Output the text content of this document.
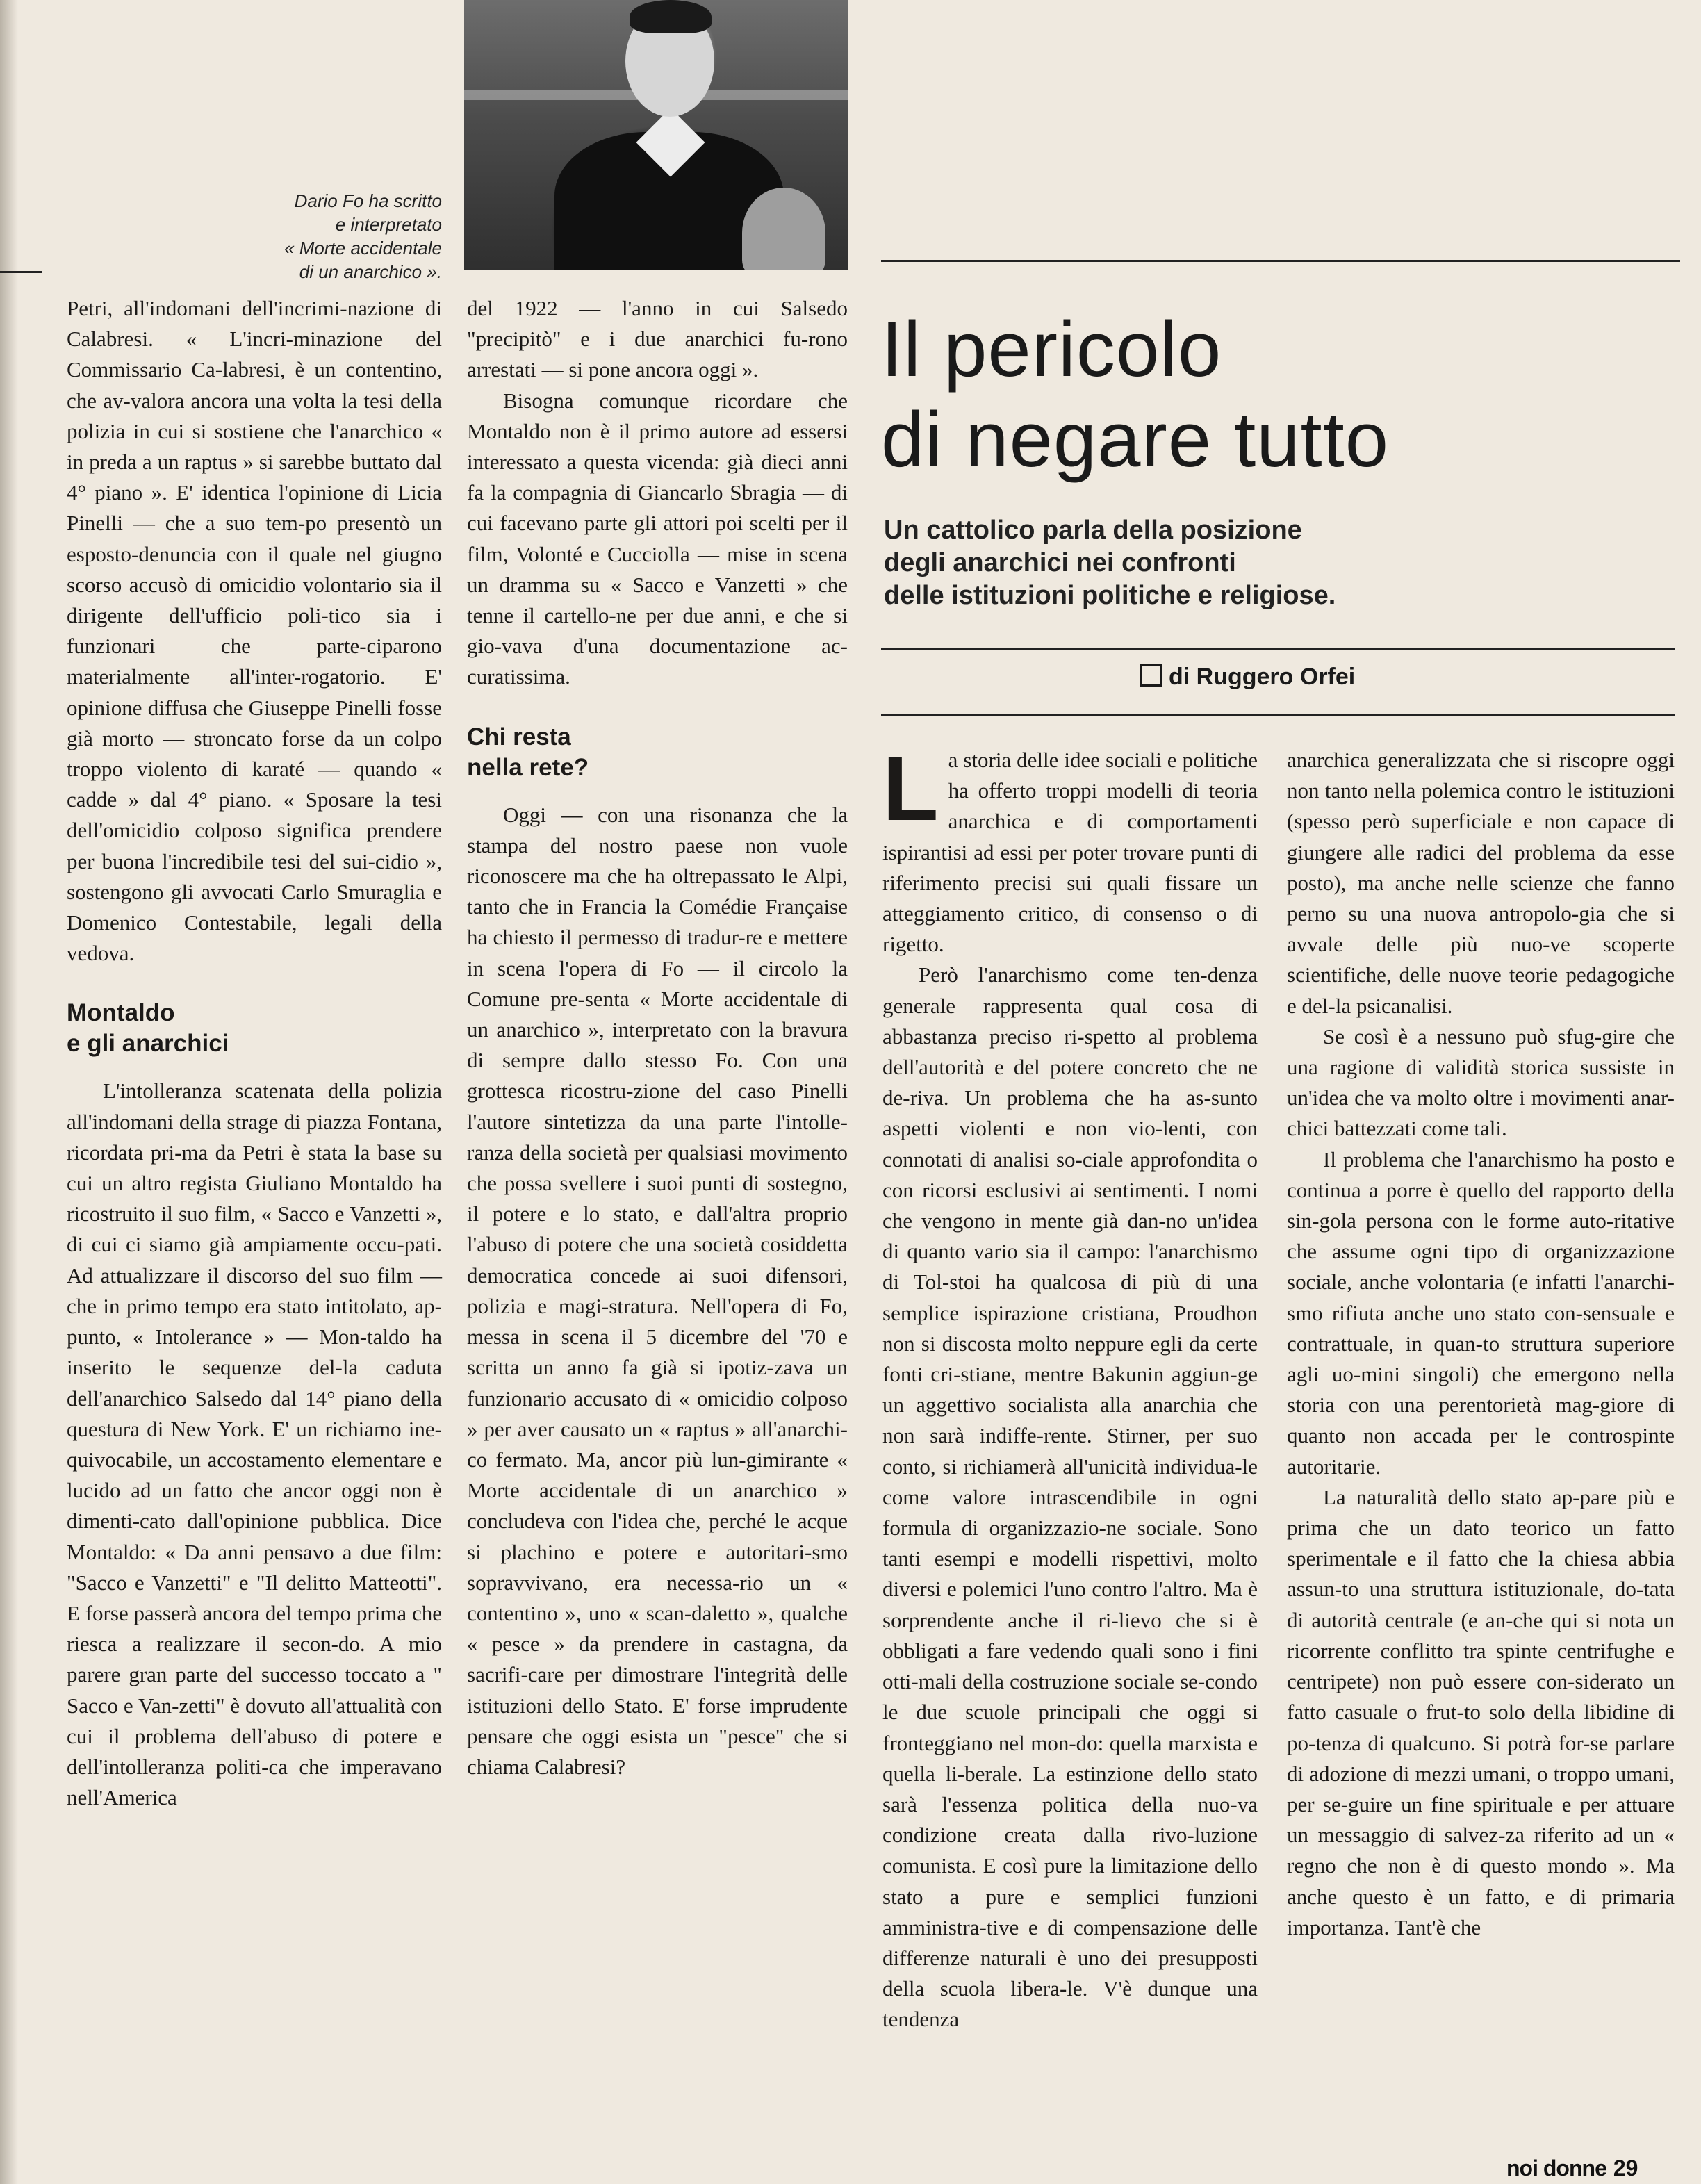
Dario Fo ha scritto
e interpretato
« Morte accidentale
di un anarchico ».

Petri, all'indomani dell'incrimi-nazione di Calabresi. « L'incri-minazione del Commissario Ca-labresi, è un contentino, che av-valora ancora una volta la tesi della polizia in cui si sostiene che l'anarchico « in preda a un raptus » si sarebbe buttato dal 4° piano ». E' identica l'opinione di Licia Pinelli — che a suo tem-po presentò un esposto-denuncia con il quale nel giugno scorso accusò di omicidio volontario sia il dirigente dell'ufficio poli-tico sia i funzionari che parte-ciparono materialmente all'inter-rogatorio. E' opinione diffusa che Giuseppe Pinelli fosse già morto — stroncato forse da un colpo troppo violento di karaté — quando « cadde » dal 4° piano. « Sposare la tesi dell'omicidio colposo significa prendere per buona l'incredibile tesi del sui-cidio », sostengono gli avvocati Carlo Smuraglia e Domenico Contestabile, legali della vedova.

Montaldo
e gli anarchici

L'intolleranza scatenata della polizia all'indomani della strage di piazza Fontana, ricordata pri-ma da Petri è stata la base su cui un altro regista Giuliano Montaldo ha ricostruito il suo film, « Sacco e Vanzetti », di cui ci siamo già ampiamente occu-pati. Ad attualizzare il discorso del suo film — che in primo tempo era stato intitolato, ap-punto, « Intolerance » — Mon-taldo ha inserito le sequenze del-la caduta dell'anarchico Salsedo dal 14° piano della questura di New York. E' un richiamo ine-quivocabile, un accostamento elementare e lucido ad un fatto che ancor oggi non è dimenti-cato dall'opinione pubblica. Dice Montaldo: « Da anni pensavo a due film: "Sacco e Vanzetti" e "Il delitto Matteotti". E forse passerà ancora del tempo prima che riesca a realizzare il secon-do. A mio parere gran parte del successo toccato a " Sacco e Van-zetti" è dovuto all'attualità con cui il problema dell'abuso di potere e dell'intolleranza politi-ca che imperavano nell'America

del 1922 — l'anno in cui Salsedo "precipitò" e i due anarchici fu-rono arrestati — si pone ancora oggi ».

Bisogna comunque ricordare che Montaldo non è il primo autore ad essersi interessato a questa vicenda: già dieci anni fa la compagnia di Giancarlo Sbragia — di cui facevano parte gli attori poi scelti per il film, Volonté e Cucciolla — mise in scena un dramma su « Sacco e Vanzetti » che tenne il cartello-ne per due anni, e che si gio-vava d'una documentazione ac-curatissima.

Chi resta
nella rete?

Oggi — con una risonanza che la stampa del nostro paese non vuole riconoscere ma che ha oltrepassato le Alpi, tanto che in Francia la Comédie Française ha chiesto il permesso di tradur-re e mettere in scena l'opera di Fo — il circolo la Comune pre-senta « Morte accidentale di un anarchico », interpretato con la bravura di sempre dallo stesso Fo. Con una grottesca ricostru-zione del caso Pinelli l'autore sintetizza da una parte l'intolle-ranza della società per qualsiasi movimento che possa svellere i suoi punti di sostegno, il potere e lo stato, e dall'altra proprio l'abuso di potere che una società cosiddetta democratica concede ai suoi difensori, polizia e magi-stratura. Nell'opera di Fo, messa in scena il 5 dicembre del '70 e scritta un anno fa già si ipotiz-zava un funzionario accusato di « omicidio colposo » per aver causato un « raptus » all'anarchi-co fermato. Ma, ancor più lun-gimirante « Morte accidentale di un anarchico » concludeva con l'idea che, perché le acque si plachino e potere e autoritari-smo sopravvivano, era necessa-rio un « contentino », uno « scan-daletto », qualche « pesce » da prendere in castagna, da sacrifi-care per dimostrare l'integrità delle istituzioni dello Stato. E' forse imprudente pensare che oggi esista un "pesce" che si chiama Calabresi?

Il pericolo
di negare tutto
Un cattolico parla della posizione
degli anarchici nei confronti
delle istituzioni politiche e religiose.
di Ruggero Orfei

La storia delle idee sociali e politiche ha offerto troppi modelli di teoria anarchica e di comportamenti ispirantisi ad essi per poter trovare punti di riferimento precisi sui quali fissare un atteggiamento critico, di consenso o di rigetto.

Però l'anarchismo come ten-denza generale rappresenta qual cosa di abbastanza preciso ri-spetto al problema dell'autorità e del potere concreto che ne de-riva. Un problema che ha as-sunto aspetti violenti e non vio-lenti, con connotati di analisi so-ciale approfondita o con ricorsi esclusivi ai sentimenti. I nomi che vengono in mente già dan-no un'idea di quanto vario sia il campo: l'anarchismo di Tol-stoi ha qualcosa di più di una semplice ispirazione cristiana, Proudhon non si discosta molto neppure egli da certe fonti cri-stiane, mentre Bakunin aggiun-ge un aggettivo socialista alla anarchia che non sarà indiffe-rente. Stirner, per suo conto, si richiamerà all'unicità individua-le come valore intrascendibile in ogni formula di organizzazio-ne sociale. Sono tanti esempi e modelli rispettivi, molto diversi e polemici l'uno contro l'altro. Ma è sorprendente anche il ri-lievo che si è obbligati a fare vedendo quali sono i fini otti-mali della costruzione sociale se-condo le due scuole principali che oggi si fronteggiano nel mon-do: quella marxista e quella li-berale. La estinzione dello stato sarà l'essenza politica della nuo-va condizione creata dalla rivo-luzione comunista. E così pure la limitazione dello stato a pure e semplici funzioni amministra-tive e di compensazione delle differenze naturali è uno dei presupposti della scuola libera-le. V'è dunque una tendenza

anarchica generalizzata che si riscopre oggi non tanto nella polemica contro le istituzioni (spesso però superficiale e non capace di giungere alle radici del problema da esse posto), ma anche nelle scienze che fanno perno su una nuova antropolo-gia che si avvale delle più nuo-ve scoperte scientifiche, delle nuove teorie pedagogiche e del-la psicanalisi.

Se così è a nessuno può sfug-gire che una ragione di validità storica sussiste in un'idea che va molto oltre i movimenti anar-chici battezzati come tali.

Il problema che l'anarchismo ha posto e continua a porre è quello del rapporto della sin-gola persona con le forme auto-ritative che assume ogni tipo di organizzazione sociale, anche volontaria (e infatti l'anarchi-smo rifiuta anche uno stato con-sensuale e contrattuale, in quan-to struttura superiore agli uo-mini singoli) che emergono nella storia con una perentorietà mag-giore di quanto non accada per le controspinte autoritarie.

La naturalità dello stato ap-pare più e prima che un dato teorico un fatto sperimentale e il fatto che la chiesa abbia assun-to una struttura istituzionale, do-tata di autorità centrale (e an-che qui si nota un ricorrente conflitto tra spinte centrifughe e centripete) non può essere con-siderato un fatto casuale o frut-to solo della libidine di po-tenza di qualcuno. Si potrà for-se parlare di adozione di mezzi umani, o troppo umani, per se-guire un fine spirituale e per attuare un messaggio di salvez-za riferito ad un « regno che non è di questo mondo ». Ma anche questo è un fatto, e di primaria importanza. Tant'è che

noi donne 29
